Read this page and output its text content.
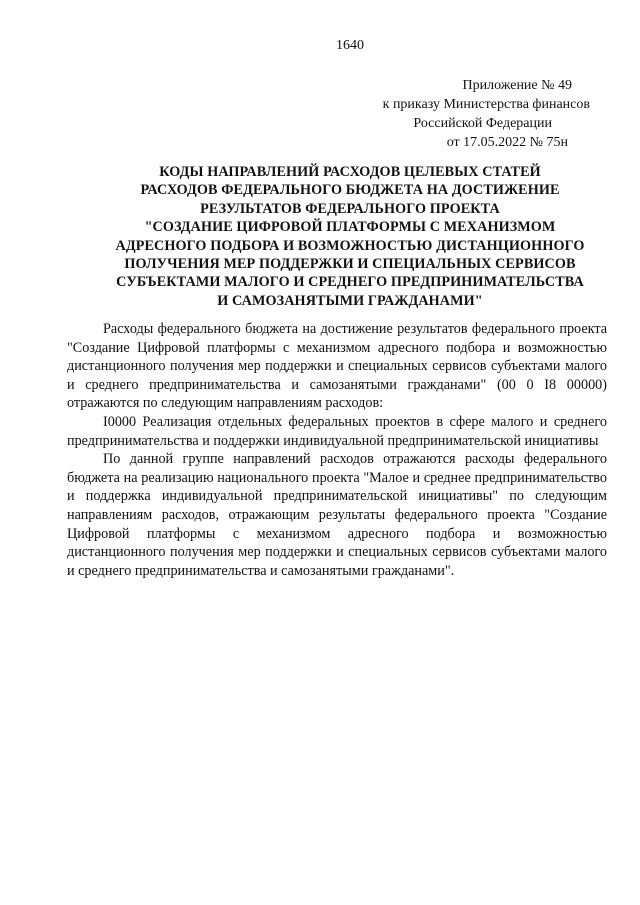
1640
Приложение № 49
к приказу Министерства финансов
Российской Федерации
от 17.05.2022 № 75н
КОДЫ НАПРАВЛЕНИЙ РАСХОДОВ ЦЕЛЕВЫХ СТАТЕЙ
РАСХОДОВ ФЕДЕРАЛЬНОГО БЮДЖЕТА НА ДОСТИЖЕНИЕ
РЕЗУЛЬТАТОВ ФЕДЕРАЛЬНОГО ПРОЕКТА
"СОЗДАНИЕ ЦИФРОВОЙ ПЛАТФОРМЫ С МЕХАНИЗМОМ
АДРЕСНОГО ПОДБОРА И ВОЗМОЖНОСТЬЮ ДИСТАНЦИОННОГО
ПОЛУЧЕНИЯ МЕР ПОДДЕРЖКИ И СПЕЦИАЛЬНЫХ СЕРВИСОВ
СУБЪЕКТАМИ МАЛОГО И СРЕДНЕГО ПРЕДПРИНИМАТЕЛЬСТВА
И САМОЗАНЯТЫМИ ГРАЖДАНАМИ"

Расходы федерального бюджета на достижение результатов федерального проекта "Создание Цифровой платформы с механизмом адресного подбора и возможностью дистанционного получения мер поддержки и специальных сервисов субъектами малого и среднего предпринимательства и самозанятыми гражданами" (00 0 I8 00000) отражаются по следующим направлениям расходов:

I0000 Реализация отдельных федеральных проектов в сфере малого и среднего предпринимательства и поддержки индивидуальной предпринимательской инициативы

По данной группе направлений расходов отражаются расходы федерального бюджета на реализацию национального проекта "Малое и среднее предпринимательство и поддержка индивидуальной предпринимательской инициативы" по следующим направлениям расходов, отражающим результаты федерального проекта "Создание Цифровой платформы с механизмом адресного подбора и возможностью дистанционного получения мер поддержки и специальных сервисов субъектами малого и среднего предпринимательства и самозанятыми гражданами".
